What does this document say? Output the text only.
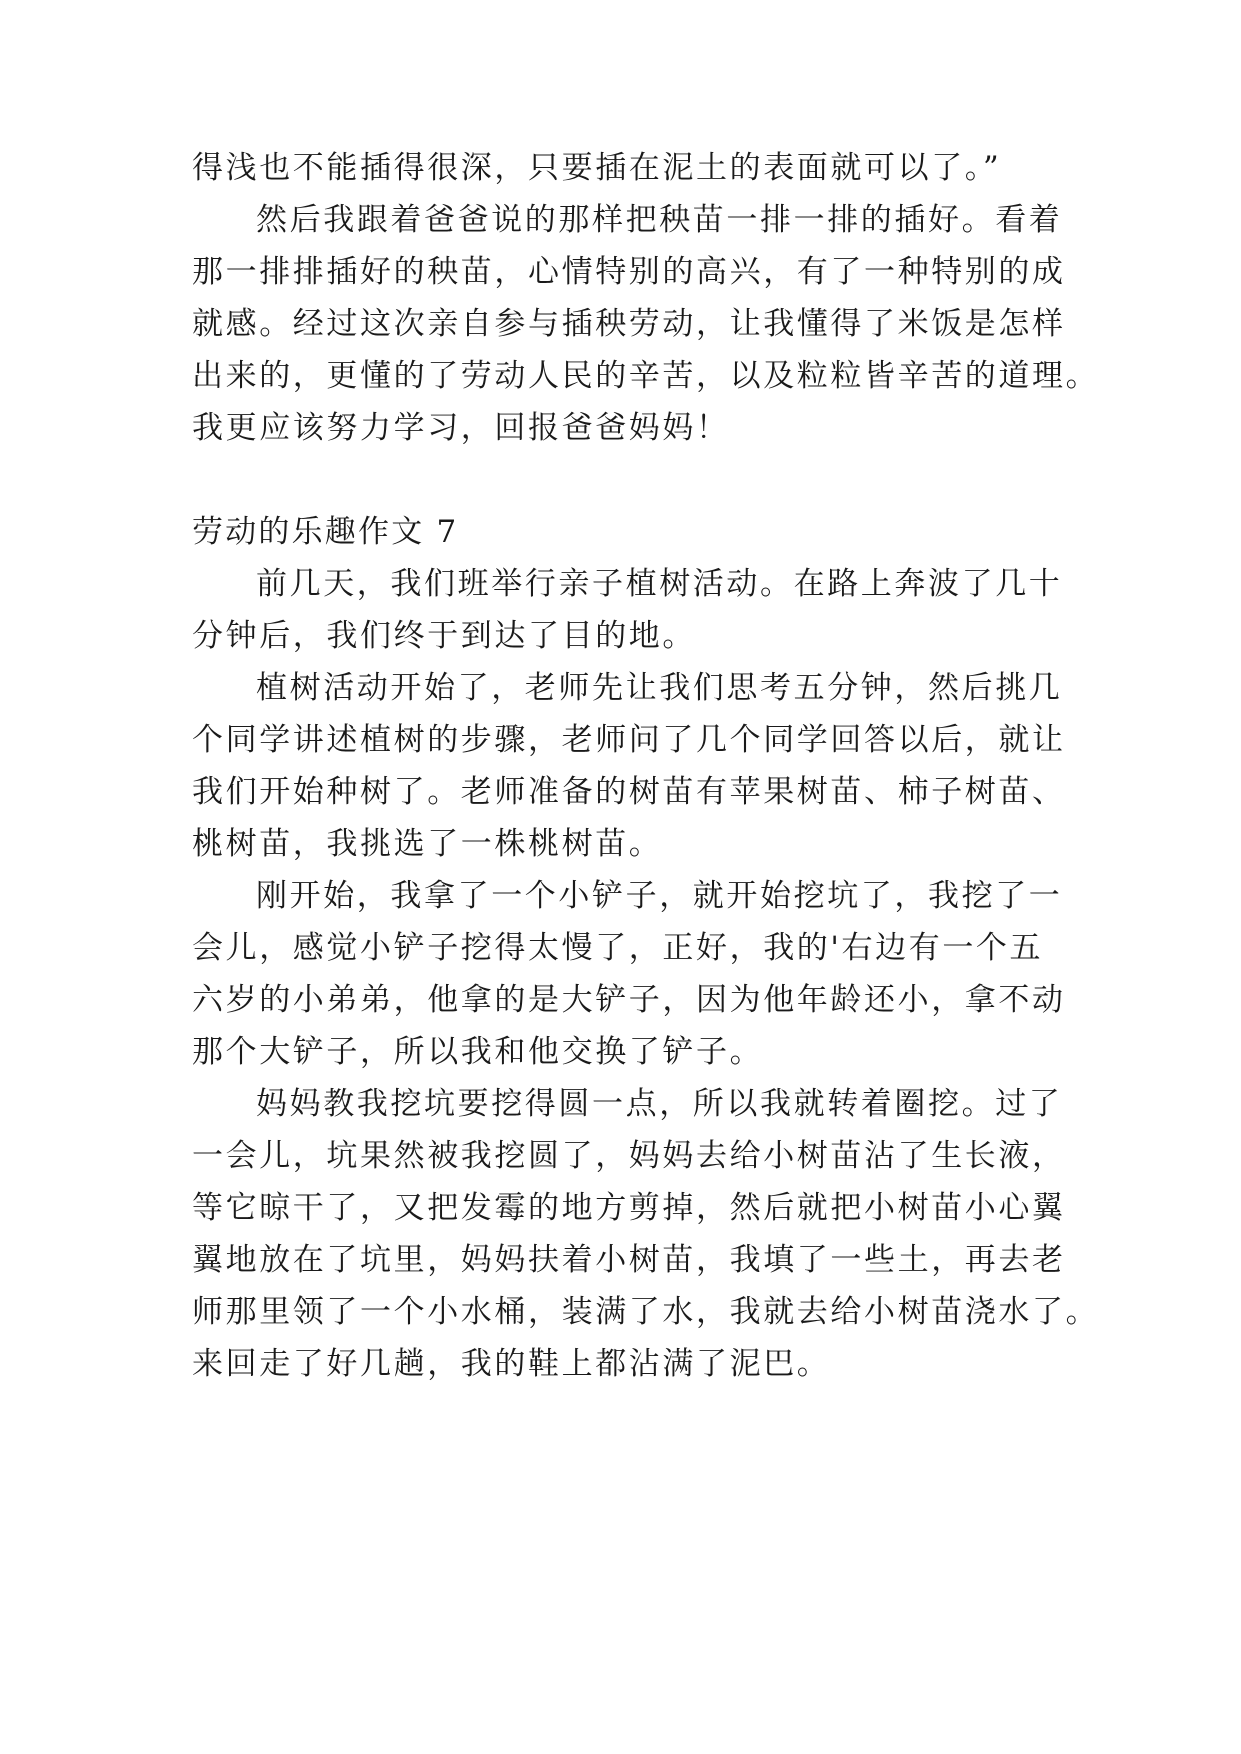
得浅也不能插得很深，只要插在泥土的表面就可以了。”
然后我跟着爸爸说的那样把秧苗一排一排的插好。看着
那一排排插好的秧苗，心情特别的高兴，有了一种特别的成
就感。经过这次亲自参与插秧劳动，让我懂得了米饭是怎样
出来的，更懂的了劳动人民的辛苦，以及粒粒皆辛苦的道理。
我更应该努力学习，回报爸爸妈妈！
劳动的乐趣作文 7
前几天，我们班举行亲子植树活动。在路上奔波了几十
分钟后，我们终于到达了目的地。
植树活动开始了，老师先让我们思考五分钟，然后挑几
个同学讲述植树的步骤，老师问了几个同学回答以后，就让
我们开始种树了。老师准备的树苗有苹果树苗、柿子树苗、
桃树苗，我挑选了一株桃树苗。
刚开始，我拿了一个小铲子，就开始挖坑了，我挖了一
会儿，感觉小铲子挖得太慢了，正好，我的'右边有一个五
六岁的小弟弟，他拿的是大铲子，因为他年龄还小，拿不动
那个大铲子，所以我和他交换了铲子。
妈妈教我挖坑要挖得圆一点，所以我就转着圈挖。过了
一会儿，坑果然被我挖圆了，妈妈去给小树苗沾了生长液，
等它晾干了，又把发霉的地方剪掉，然后就把小树苗小心翼
翼地放在了坑里，妈妈扶着小树苗，我填了一些土，再去老
师那里领了一个小水桶，装满了水，我就去给小树苗浇水了。
来回走了好几趟，我的鞋上都沾满了泥巴。
